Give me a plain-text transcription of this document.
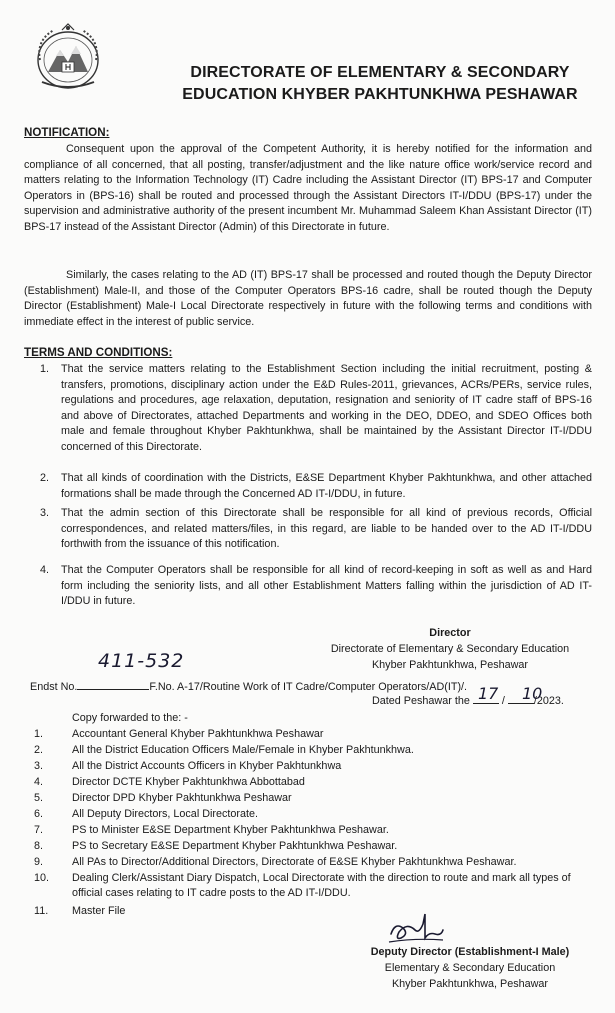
DIRECTORATE OF ELEMENTARY & SECONDARY
EDUCATION KHYBER PAKHTUNKHWA PESHAWAR
NOTIFICATION:
Consequent upon the approval of the Competent Authority, it is hereby notified for the information and compliance of all concerned, that all posting, transfer/adjustment and the like nature office work/service record and matters relating to the Information Technology (IT) Cadre including the Assistant Director (IT) BPS-17 and Computer Operators in (BPS-16) shall be routed and processed through the Assistant Directors IT-I/DDU (BPS-17) under the supervision and administrative authority of the present incumbent Mr. Muhammad Saleem Khan Assistant Director (IT) BPS-17 instead of the Assistant Director (Admin) of this Directorate in future.
Similarly, the cases relating to the AD (IT) BPS-17 shall be processed and routed though the Deputy Director (Establishment) Male-II, and those of the Computer Operators BPS-16 cadre, shall be routed though the Deputy Director (Establishment) Male-I Local Directorate respectively in future with the following terms and conditions with immediate effect in the interest of public service.
TERMS AND CONDITIONS:
1. That the service matters relating to the Establishment Section including the initial recruitment, posting & transfers, promotions, disciplinary action under the E&D Rules-2011, grievances, ACRs/PERs, service rules, regulations and procedures, age relaxation, deputation, resignation and seniority of IT cadre staff of BPS-16 and above of Directorates, attached Departments and working in the DEO, DDEO, and SDEO Offices both male and female throughout Khyber Pakhtunkhwa, shall be maintained by the Assistant Director IT-I/DDU concerned of this Directorate.
2. That all kinds of coordination with the Districts, E&SE Department Khyber Pakhtunkhwa, and other attached formations shall be made through the Concerned AD IT-I/DDU, in future.
3. That the admin section of this Directorate shall be responsible for all kind of previous records, Official correspondences, and related matters/files, in this regard, are liable to be handed over to the AD IT-I/DDU forthwith from the issuance of this notification.
4. That the Computer Operators shall be responsible for all kind of record-keeping in soft as well as and Hard form including the seniority lists, and all other Establishment Matters falling within the jurisdiction of AD IT-I/DDU in future.
Director
Directorate of Elementary & Secondary Education
Khyber Pakhtunkhwa, Peshawar
411-532
Endst No.	F.No. A-17/Routine Work of IT Cadre/Computer Operators/AD(IT)/.
Dated Peshawar the	/	/2023.
17 10
Copy forwarded to the: -
1.	Accountant General Khyber Pakhtunkhwa Peshawar
2.	All the District Education Officers Male/Female in Khyber Pakhtunkhwa.
3.	All the District Accounts Officers in Khyber Pakhtunkhwa
4.	Director DCTE Khyber Pakhtunkhwa Abbottabad
5.	Director DPD Khyber Pakhtunkhwa Peshawar
6.	All Deputy Directors, Local Directorate.
7.	PS to Minister E&SE Department Khyber Pakhtunkhwa Peshawar.
8.	PS to Secretary E&SE Department Khyber Pakhtunkhwa Peshawar.
9.	All PAs to Director/Additional Directors, Directorate of E&SE Khyber Pakhtunkhwa Peshawar.
10. Dealing Clerk/Assistant Diary Dispatch, Local Directorate with the direction to route and mark all types of official cases relating to IT cadre posts to the AD IT-I/DDU.
11. Master File
Deputy Director (Establishment-I Male)
Elementary & Secondary Education
Khyber Pakhtunkhwa, Peshawar
